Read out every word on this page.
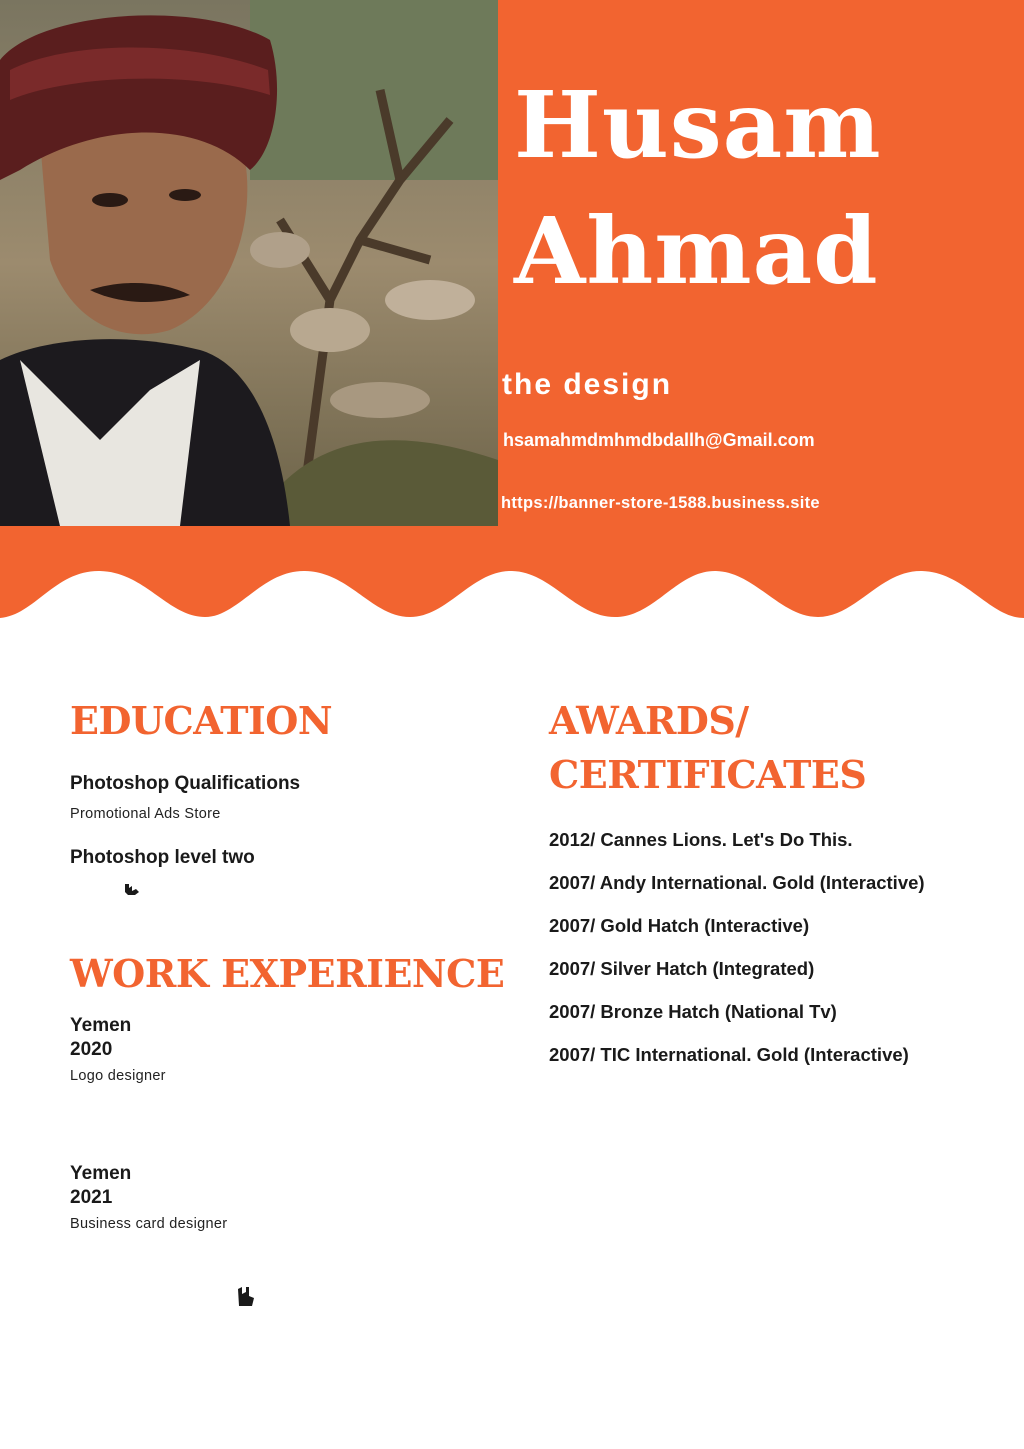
Husam
Ahmad

the design

hsamahmdmhmdbdallh@Gmail.com
https://banner-store-1588.business.site
EDUCATION

Photoshop Qualifications

Promotional Ads Store

Photoshop level two

WORK EXPERIENCE

Yemen

2020

Logo designer

Yemen

2021

Business card designer

AWARDS/
CERTIFICATES

2012/ Cannes Lions. Let's Do This.

2007/ Andy International. Gold (Interactive)

2007/ Gold Hatch (Interactive)

2007/ Silver Hatch (Integrated)

2007/ Bronze Hatch (National Tv)

2007/ TIC International. Gold (Interactive)
